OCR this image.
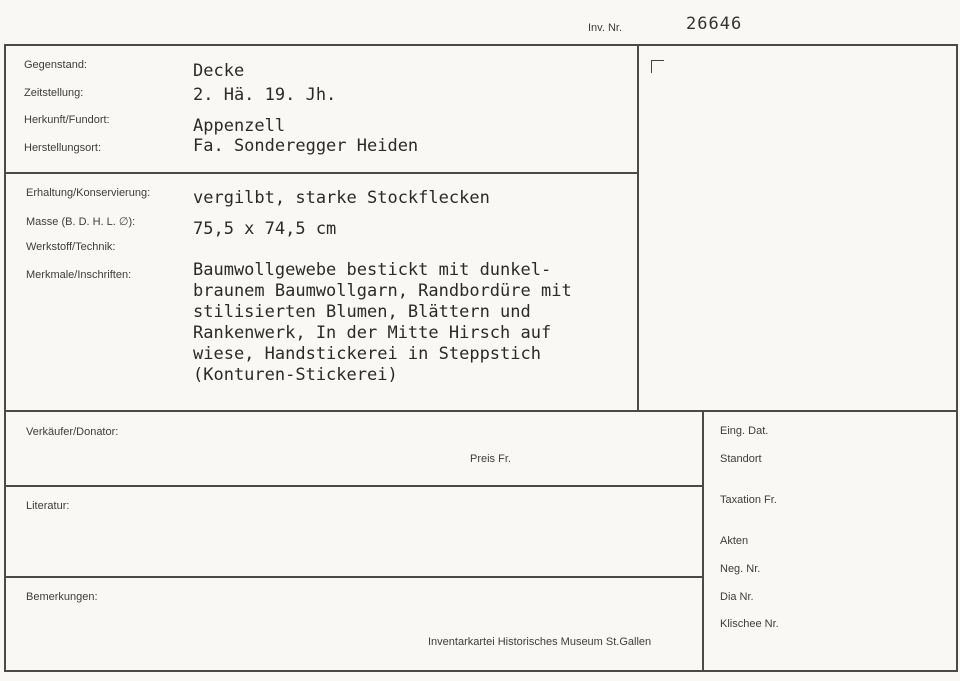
Inv. Nr.	26646
Gegenstand:
Zeitstellung:
Herkunft/Fundort:
Herstellungsort:
Decke
2. Hä. 19. Jh.
Appenzell
Fa. Sonderegger Heiden
Erhaltung/Konservierung:
Masse (B. D. H. L. ∅):
Werkstoff/Technik:
Merkmale/Inschriften:
vergilbt, starke Stockflecken
75,5 x 74,5 cm
Baumwollgewebe bestickt mit dunkel-
braunem Baumwollgarn, Randbordüre mit
stilisierten Blumen, Blättern und
Rankenwerk, In der Mitte Hirsch auf
wiese, Handstickerei in Steppstich
(Konturen-Stickerei)
Verkäufer/Donator:
Preis Fr.
Literatur:
Bemerkungen:
Inventarkartei Historisches Museum St.Gallen
Eing. Dat.
Standort
Taxation Fr.
Akten
Neg. Nr.
Dia Nr.
Klischee Nr.
